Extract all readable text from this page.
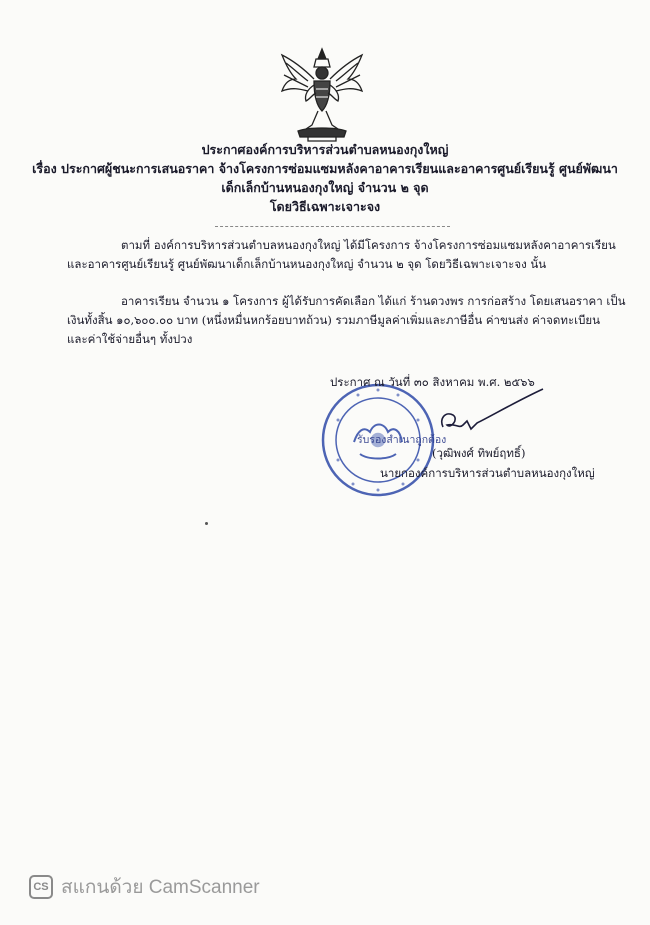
ประกาศองค์การบริหารส่วนตำบลหนองกุงใหญ่
เรื่อง ประกาศผู้ชนะการเสนอราคา จ้างโครงการซ่อมแซมหลังคาอาคารเรียนและอาคารศูนย์เรียนรู้ ศูนย์พัฒนา
เด็กเล็กบ้านหนองกุงใหญ่ จำนวน ๒ จุด
โดยวิธีเฉพาะเจาะจง
ตามที่ องค์การบริหารส่วนตำบลหนองกุงใหญ่ ได้มีโครงการ จ้างโครงการซ่อมแซมหลังคาอาคารเรียน
และอาคารศูนย์เรียนรู้ ศูนย์พัฒนาเด็กเล็กบ้านหนองกุงใหญ่ จำนวน ๒ จุด โดยวิธีเฉพาะเจาะจง นั้น
อาคารเรียน จำนวน ๑ โครงการ ผู้ได้รับการคัดเลือก ได้แก่ ร้านดวงพร การก่อสร้าง โดยเสนอราคา เป็น
เงินทั้งสิ้น ๑๐,๖๐๐.๐๐ บาท (หนึ่งหมื่นหกร้อยบาทถ้วน) รวมภาษีมูลค่าเพิ่มและภาษีอื่น ค่าขนส่ง ค่าจดทะเบียน
และค่าใช้จ่ายอื่นๆ ทั้งปวง
รับรองสำเนาถูกต้อง
ประกาศ ณ วันที่ ๓๐ สิงหาคม พ.ศ. ๒๕๖๖
(วุฒิพงศ์ ทิพย์ฤทธิ์)
นายกองค์การบริหารส่วนตำบลหนองกุงใหญ่
CS สแกนด้วย CamScanner
